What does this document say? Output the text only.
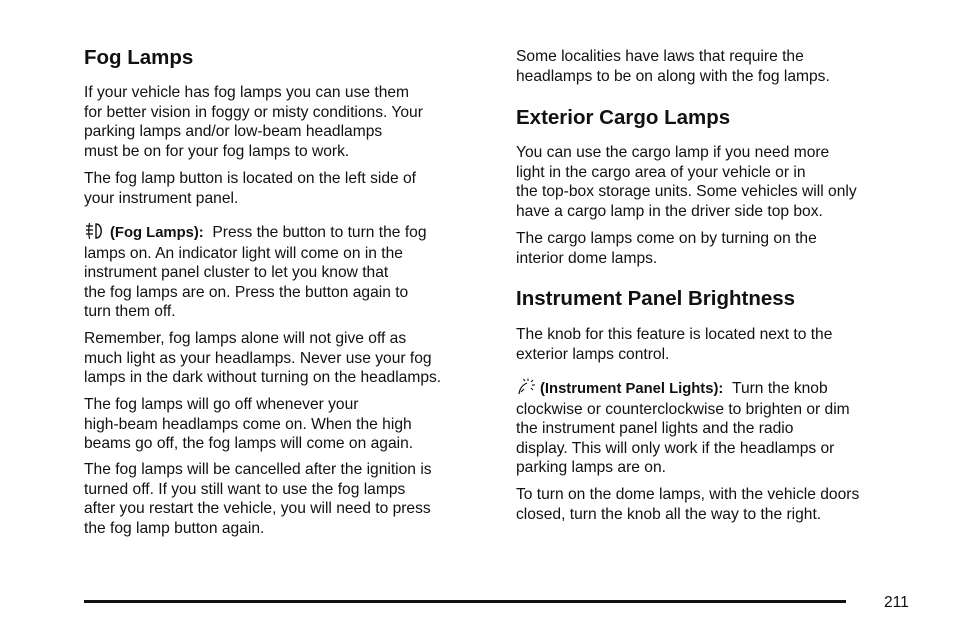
Fog Lamps

If your vehicle has fog lamps you can use them
for better vision in foggy or misty conditions. Your
parking lamps and/or low-beam headlamps
must be on for your fog lamps to work.

The fog lamp button is located on the left side of
your instrument panel.

(Fog Lamps): Press the button to turn the fog
lamps on. An indicator light will come on in the
instrument panel cluster to let you know that
the fog lamps are on. Press the button again to
turn them off.

Remember, fog lamps alone will not give off as
much light as your headlamps. Never use your fog
lamps in the dark without turning on the headlamps.

The fog lamps will go off whenever your
high-beam headlamps come on. When the high
beams go off, the fog lamps will come on again.

The fog lamps will be cancelled after the ignition is
turned off. If you still want to use the fog lamps
after you restart the vehicle, you will need to press
the fog lamp button again.

Some localities have laws that require the
headlamps to be on along with the fog lamps.

Exterior Cargo Lamps

You can use the cargo lamp if you need more
light in the cargo area of your vehicle or in
the top-box storage units. Some vehicles will only
have a cargo lamp in the driver side top box.

The cargo lamps come on by turning on the
interior dome lamps.

Instrument Panel Brightness

The knob for this feature is located next to the
exterior lamps control.

(Instrument Panel Lights): Turn the knob
clockwise or counterclockwise to brighten or dim
the instrument panel lights and the radio
display. This will only work if the headlamps or
parking lamps are on.

To turn on the dome lamps, with the vehicle doors
closed, turn the knob all the way to the right.

211
